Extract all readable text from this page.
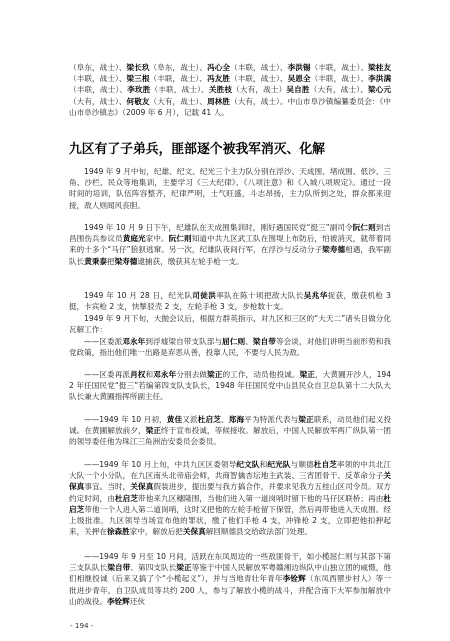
（阜东，战士）、梁长玖（阜东，战士）、冯心全（丰联，战士）、李洪锡（丰联，战士）、梁桂友（丰联，战士）、梁三根（丰联，战士）、冯友胜（丰联，战士）、吴恩全（丰联，战士）、李洪满（丰联，战士）、李玫胜（丰联，战士）、关胜枝（大有，战士）吴自胜（大有，战士）、梁心元（大有，战士）、何敬友（大有，战士）、周林胜（大有，战士）。中山市阜沙镇编纂委员会：《中山市阜沙镇志》（2009 年 6 月），记载 41 人。

九区有了子弟兵，匪部逐个被我军消灭、化解

1949 年 9 月中旬，纪雄、纪文、纪光三个主力队分别在浮沙、天成围、堵成围、低沙、三角、沙栏、民众等地集训，主要学习《三大纪律》、《八项注意》和《入城八项规定》。通过一段时间的培训，队伍阵容整齐，纪律严明，士气旺盛，斗志昂扬，主力队所到之处，群众都来迎接，敌人则闻风丧胆。

1949 年 10 月 9 日下午，纪雄队在天成围集训时，刚好遇国民党“挺三”副司令阮仁则到吉昌围伤兵参议员黄庭光家中。阮仁则知道中共九区武工队在围堤上布防后，怕被消灭，就带着同来的十多个“马仔”狼狈逃窜。另一次，纪雄队夜间行军，在浮沙与反动分子梁寿德相遇，我军副队长黄秉泰把梁寿德逮捕获，缴获其左轮手枪一支。

1949 年 10 月 28 日，纪光队司徒洪率队在陈十顷把敌大队长吴兆华捉获，缴获机枪 3 挺，卡宾枪 2 支，快掣驳壳 2 支，左轮手枪 3 支，步枪数十支。

1949 年 9 月下旬，大抛会议后，根据方群英指示，对九区和三区的“大天二”诸头目做分化瓦解工作：

——区委派邓永年到浮墟梁自带支队部与屈仁则、梁自带等会谈，对他们讲明当前形势和我党政策，指出他们唯一出路是弃恶从善，投靠人民，不要与人民为敌。

——区委再派肖权和邓永年分别去做梁正的工作，动员他投诚。梁正，大黄圃开沙人，1942 年任国民党“挺三”若编第四支队支队长，1948 年任国民党中山县民众自卫总队第十二大队大队长兼大黄圃指挥所副主任。

——1949 年 10 月初，黄佳又派杜启芝、郑海平为特派代表与梁正联系，动员他们起义投诚。在黄圃解放前夕，梁正终于宣布投诚，等候接收。解放后，中国人民解放军两广纵队第一团的领导委任他为珠江三角洲治安委员会委员。

——1949 年 10 月上旬，中共九区区委领导纪文队和纪光队与顺德杜自芝率领的中共北江大队一个小分队，在九区南头北帝庙会师，共商智擒杏坛地主武装、三宵团骨干、反革命分子关保真事宜。当时，关保真假装进步，提出要与我方搞合作，并要求见我方五桂山区司令员。双方约定时间，由杜启芝带他来九区穗隆围，当他们进入第一道岗哨时留下他的马仔区联桥；再由杜启芝带他一个人进入第二道岗哨，这时又把他的左轮手枪留下保管，然后再带他进入天成围。经上级批准，九区领导当场宣布他的罪状，缴了他们手枪 4 支，冲锋枪 2 支，立即把他扣押起来，关押在徐森胜家中，解放后把关保真解回顺德县交给政法部门处理。

——1949 年 9 月至 10 月间，活跃在东凤周边的一些敌匪骨干，如小榄屈仁则与其部下第三支队队长梁自带、第四支队长梁正等鉴于中国人民解放军粤赣湘边纵队中山独立团的威慑，他们相继投诚（后来又搞了个“小榄起义”），并与当地青壮年青年李铨辉（东凤西罂步村人）等一批进步青年，自卫队成员等共约 200 人，参与了解放小榄的战斗，并配合南下大军参加解放中山的战役。李铨辉还伙

- 194 -
